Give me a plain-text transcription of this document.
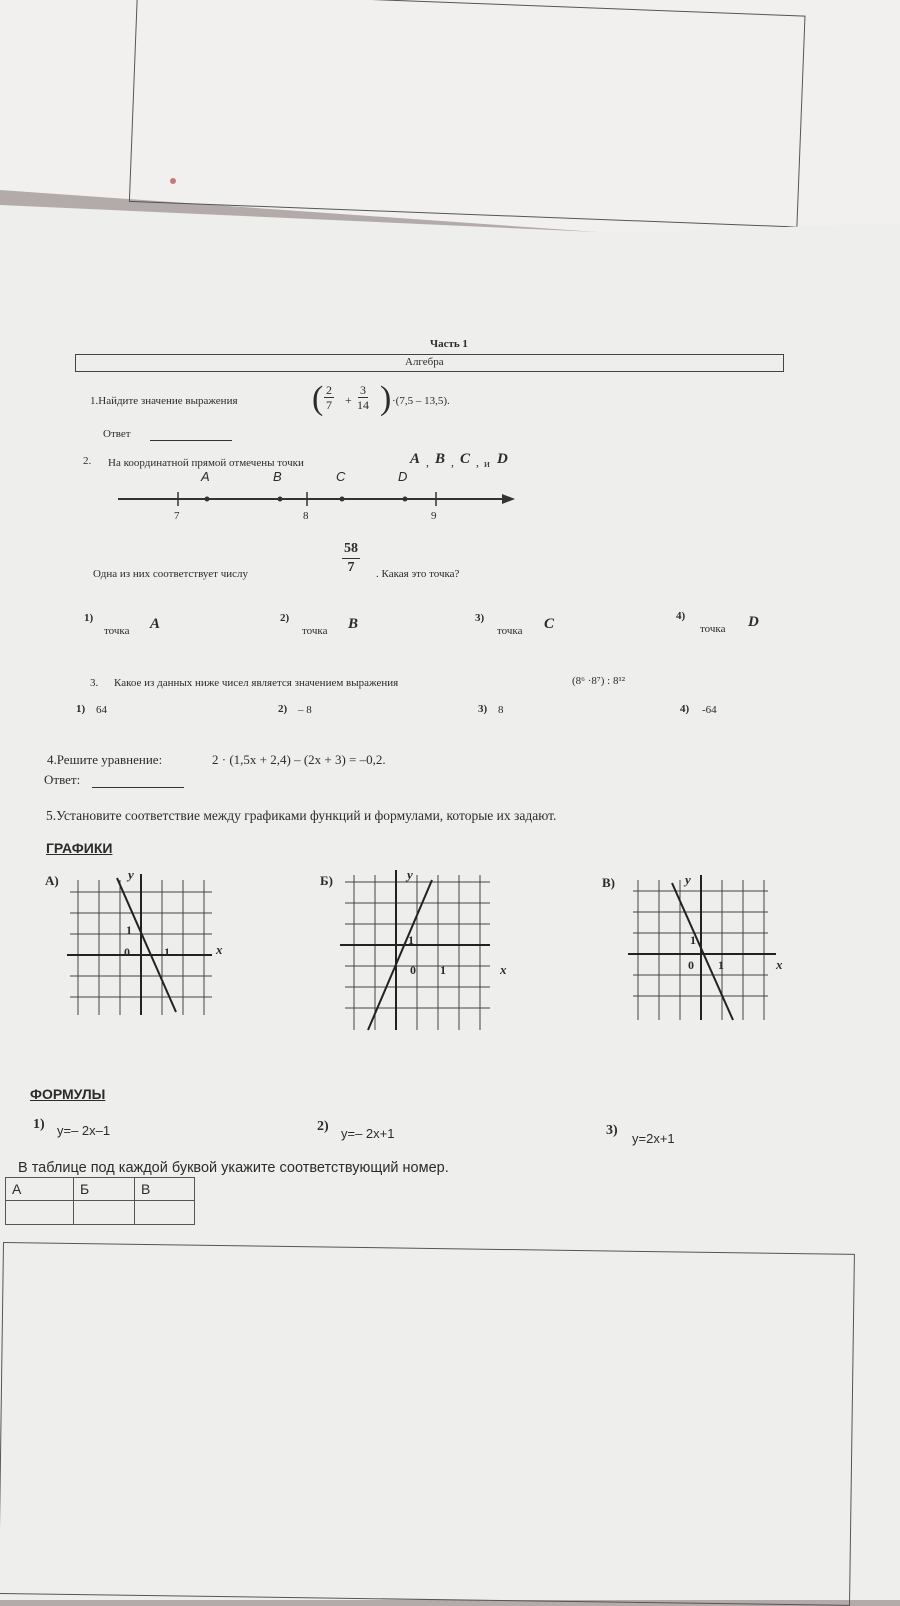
Часть 1
Алгебра
1.Найдите значение выражения ( $\frac{2}{7} + \frac{3}{14}$ ) ·(7,5 – 13,5).
Ответ
2. На координатной прямой отмечены точки	A , B , C , и D
A	B	C	D
7	8	9
Одна из них соответствует числу	$\frac{58}{7}$ . Какая это точка?
1)
точка A	2)
точка B	3)
точка C	4)
точка D
3. Какое из данных ниже чисел является значением выражения	(8⁶ ·8⁷) : 8¹²
1) 64	2) – 8	3) 8	4) -64
4.Решите уравнение:	2 · (1,5x + 2,4) – (2x + 3) = –0,2.
Ответ:
5.Установите соответствие между графиками функций и формулами, которые их задают.
ГРАФИКИ
А)	Б)	В)
y
x
0	1
1
y
x
0 1
1
y
x
0 1
1
ФОРМУЛЫ
1) y=– 2x–1	2) y=– 2x+1	3)
y=2x+1
В таблице под каждой буквой укажите соответствующий номер.
А	Б	В
